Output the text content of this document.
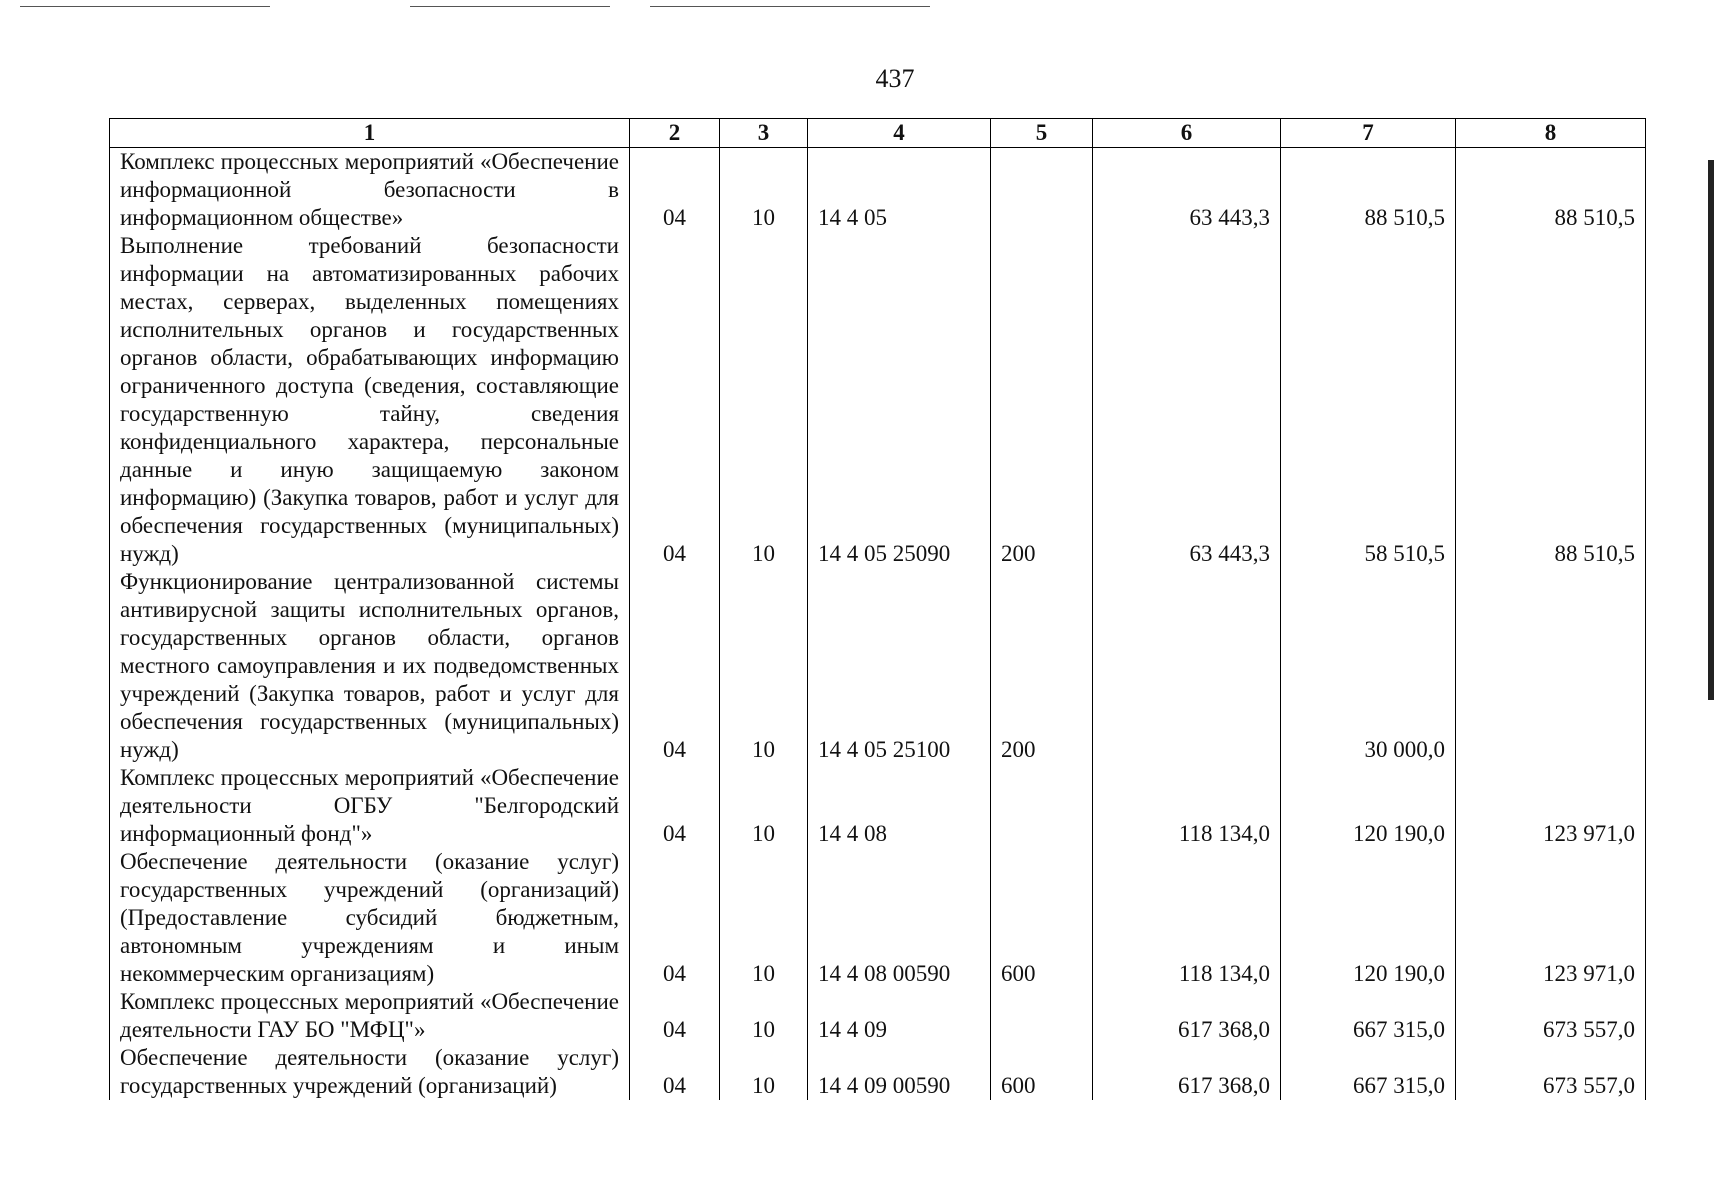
437
1	2	3	4	5	6	7	8
Комплекс процессных мероприятий «Обеспечение информационной безопасности в информационном обществе»	04	10	14 4 05		63 443,3	88 510,5	88 510,5
Выполнение требований безопасности информации на автоматизированных рабочих местах, серверах, выделенных помещениях исполнительных органов и государственных органов области, обрабатывающих информацию ограниченного доступа (сведения, составляющие государственную тайну, сведения конфиденциального характера, персональные данные и иную защищаемую законом информацию) (Закупка товаров, работ и услуг для обеспечения государственных (муниципальных) нужд)	04	10	14 4 05 25090	200	63 443,3	58 510,5	88 510,5
Функционирование централизованной системы антивирусной защиты исполнительных органов, государственных органов области, органов местного самоуправления и их подведомственных учреждений (Закупка товаров, работ и услуг для обеспечения государственных (муниципальных) нужд)	04	10	14 4 05 25100	200		30 000,0	
Комплекс процессных мероприятий «Обеспечение деятельности ОГБУ "Белгородский информационный фонд"»	04	10	14 4 08		118 134,0	120 190,0	123 971,0
Обеспечение деятельности (оказание услуг) государственных учреждений (организаций) (Предоставление субсидий бюджетным, автономным учреждениям и иным некоммерческим организациям)	04	10	14 4 08 00590	600	118 134,0	120 190,0	123 971,0
Комплекс процессных мероприятий «Обеспечение деятельности ГАУ БО "МФЦ"»	04	10	14 4 09		617 368,0	667 315,0	673 557,0
Обеспечение деятельности (оказание услуг) государственных учреждений (организаций)	04	10	14 4 09 00590	600	617 368,0	667 315,0	673 557,0
